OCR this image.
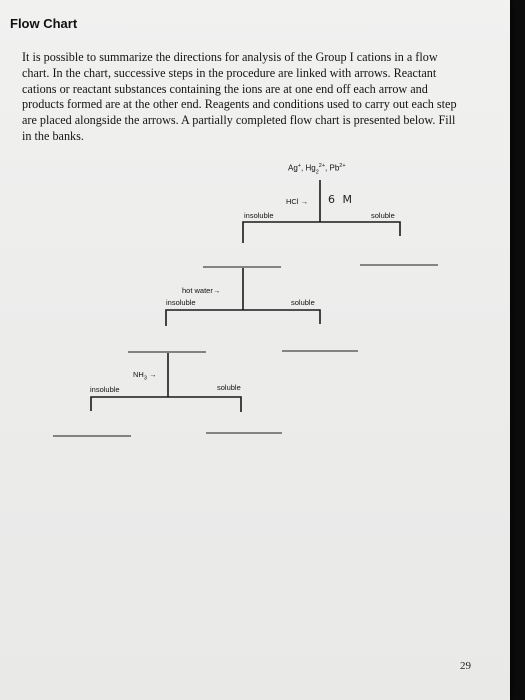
Flow Chart
It is possible to summarize the directions for analysis of the Group I cations in a flow
chart. In the chart, successive steps in the procedure are linked with arrows. Reactant
cations or reactant substances containing the ions are at one end off each arrow and
products formed are at the other end. Reagents and conditions used to carry out each step
are placed alongside the arrows. A partially completed flow chart is presented below. Fill
in the banks.
Ag+, $Hg_2^{2+}$, $Pb^{2+}$
HCl → 6 M
insoluble	soluble
hot water→
insoluble	soluble
$NH_3$ →
insoluble	soluble
29
